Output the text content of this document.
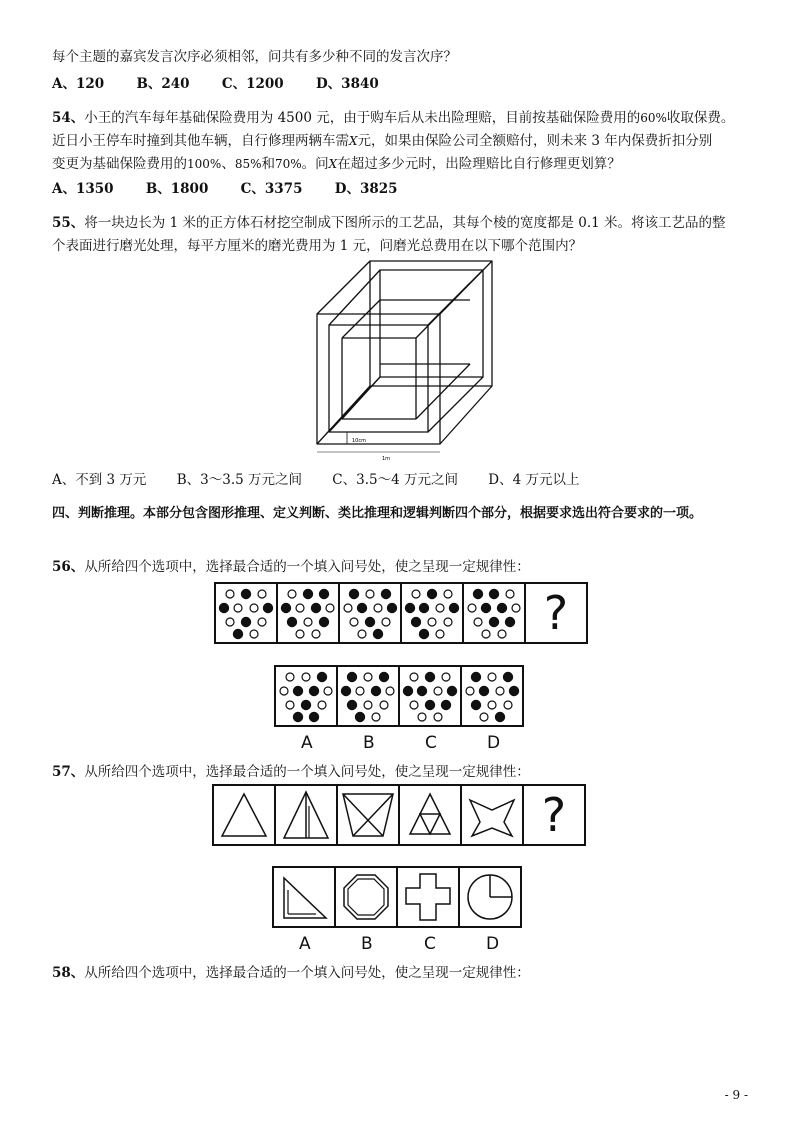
每个主题的嘉宾发言次序必须相邻，问共有多少种不同的发言次序？
A、120 B、240 C、1200 D、3840
54、小王的汽车每年基础保险费用为 4500 元，由于购车后从未出险理赔，目前按基础保险费用的60%收取保费。
近日小王停车时撞到其他车辆，自行修理两辆车需X元，如果由保险公司全额赔付，则未来 3 年内保费折扣分别
变更为基础保险费用的100%、85%和70%。问X在超过多少元时，出险理赔比自行修理更划算？
A、1350 B、1800 C、3375 D、3825
55、将一块边长为 1 米的正方体石材挖空制成下图所示的工艺品，其每个棱的宽度都是 0.1 米。将该工艺品的整
个表面进行磨光处理，每平方厘米的磨光费用为 1 元，问磨光总费用在以下哪个范围内？
10cm
1m
A、不到 3 万元 B、3～3.5 万元之间 C、3.5～4 万元之间 D、4 万元以上
四、判断推理。本部分包含图形推理、定义判断、类比推理和逻辑判断四个部分，根据要求选出符合要求的一项。
56、从所给四个选项中，选择最合适的一个填入问号处，使之呈现一定规律性：
?
A	B	C	D
57、从所给四个选项中，选择最合适的一个填入问号处，使之呈现一定规律性：
?
A	B	C	D
58、从所给四个选项中，选择最合适的一个填入问号处，使之呈现一定规律性：
- 9 -
